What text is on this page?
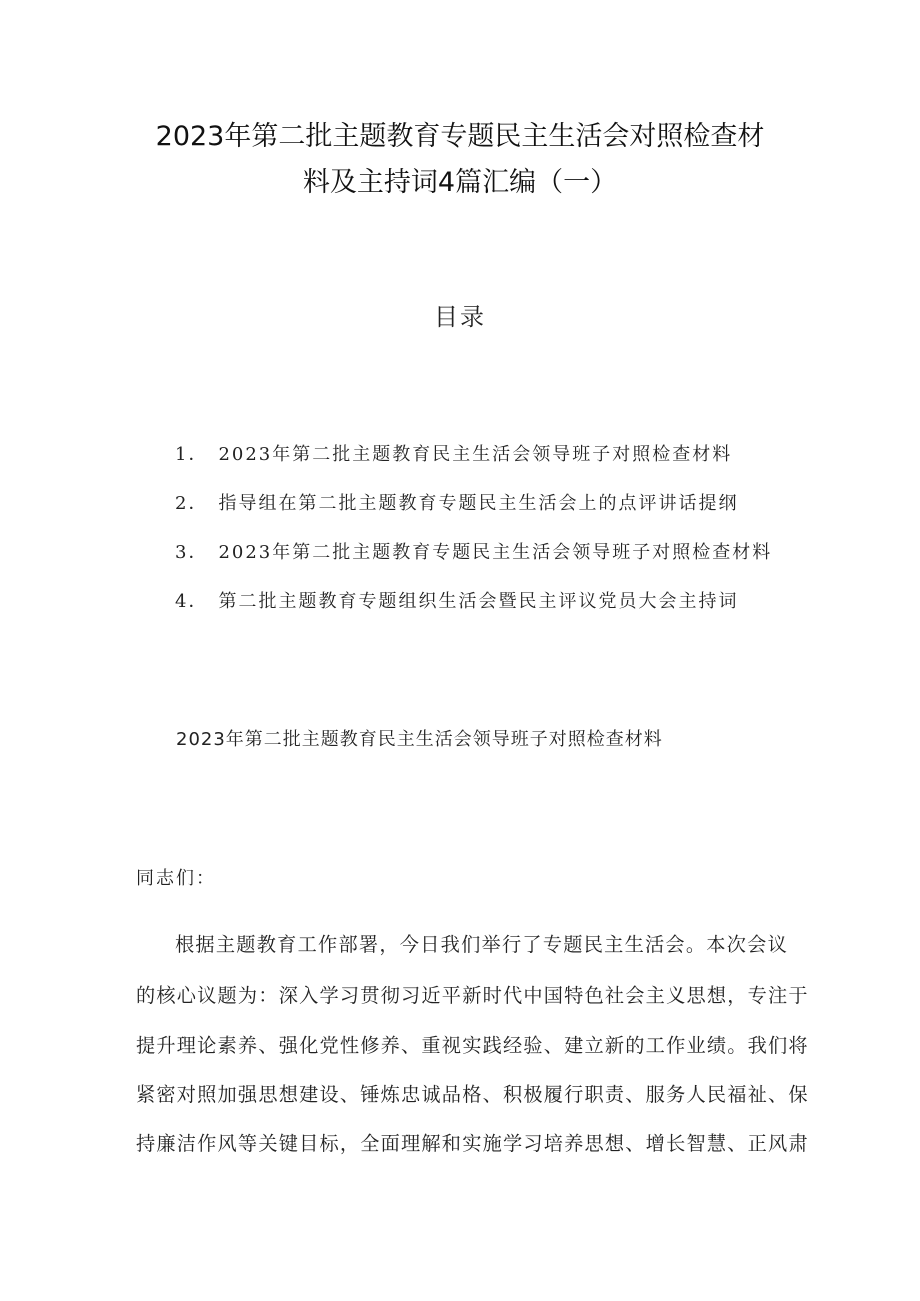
2023年第二批主题教育专题民主生活会对照检查材
料及主持词4篇汇编（一）
目录
1． 2023年第二批主题教育民主生活会领导班子对照检查材料
2． 指导组在第二批主题教育专题民主生活会上的点评讲话提纲
3． 2023年第二批主题教育专题民主生活会领导班子对照检查材料
4． 第二批主题教育专题组织生活会暨民主评议党员大会主持词
2023年第二批主题教育民主生活会领导班子对照检查材料
同志们：
根据主题教育工作部署，今日我们举行了专题民主生活会。本次会议
的核心议题为：深入学习贯彻习近平新时代中国特色社会主义思想，专注于
提升理论素养、强化党性修养、重视实践经验、建立新的工作业绩。我们将
紧密对照加强思想建设、锤炼忠诚品格、积极履行职责、服务人民福祉、保
持廉洁作风等关键目标，全面理解和实施学习培养思想、增长智慧、正风肃
